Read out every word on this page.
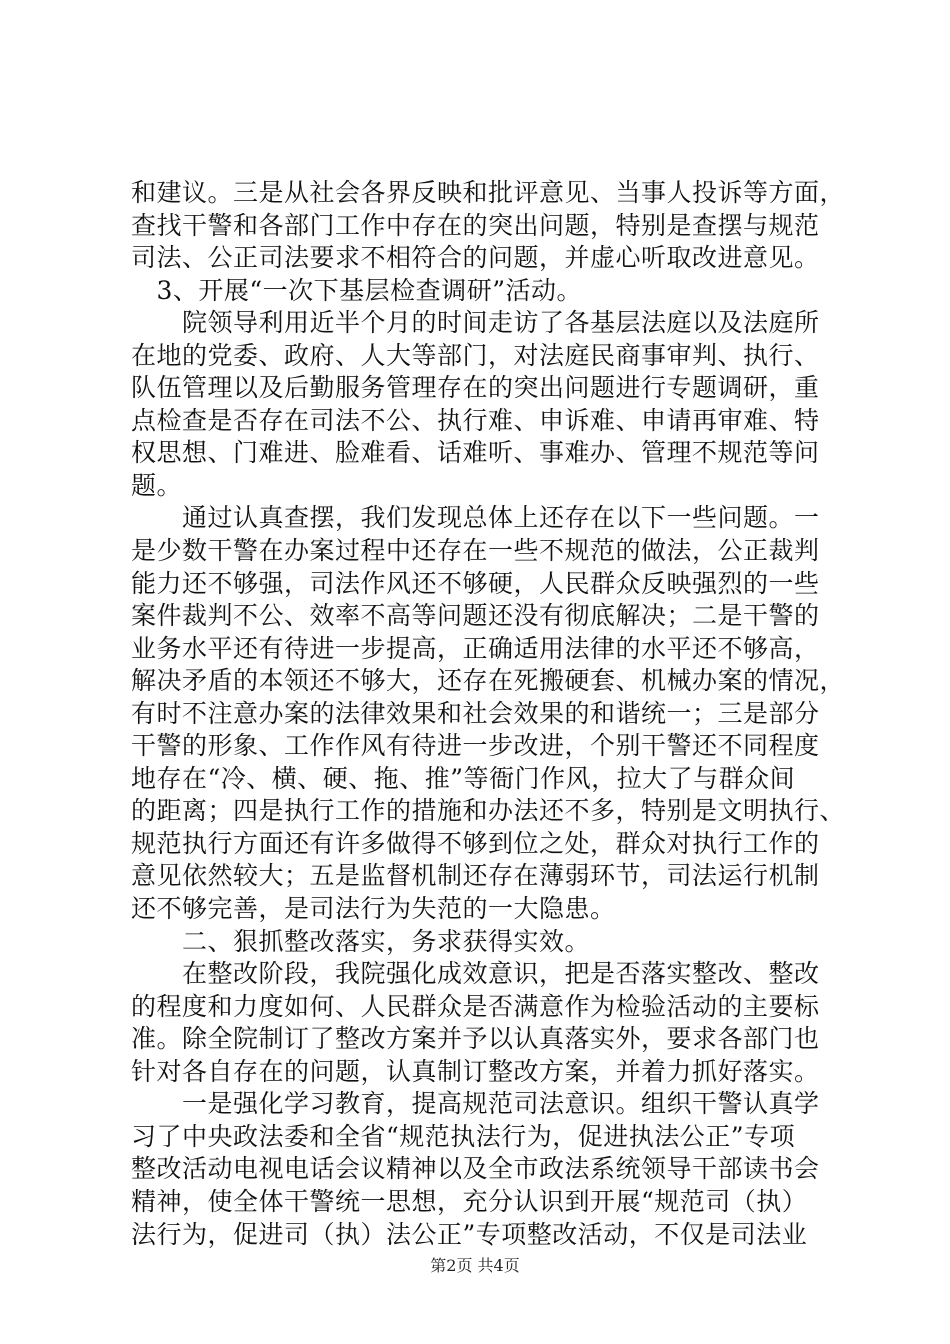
和建议。三是从社会各界反映和批评意见、当事人投诉等方面，
查找干警和各部门工作中存在的突出问题，特别是查摆与规范
司法、公正司法要求不相符合的问题，并虚心听取改进意见。
　3、开展“一次下基层检查调研”活动。
　　院领导利用近半个月的时间走访了各基层法庭以及法庭所
在地的党委、政府、人大等部门，对法庭民商事审判、执行、
队伍管理以及后勤服务管理存在的突出问题进行专题调研，重
点检查是否存在司法不公、执行难、申诉难、申请再审难、特
权思想、门难进、脸难看、话难听、事难办、管理不规范等问
题。
　　通过认真查摆，我们发现总体上还存在以下一些问题。一
是少数干警在办案过程中还存在一些不规范的做法，公正裁判
能力还不够强，司法作风还不够硬，人民群众反映强烈的一些
案件裁判不公、效率不高等问题还没有彻底解决；二是干警的
业务水平还有待进一步提高，正确适用法律的水平还不够高，
解决矛盾的本领还不够大，还存在死搬硬套、机械办案的情况，
有时不注意办案的法律效果和社会效果的和谐统一；三是部分
干警的形象、工作作风有待进一步改进，个别干警还不同程度
地存在“冷、横、硬、拖、推”等衙门作风，拉大了与群众间
的距离；四是执行工作的措施和办法还不多，特别是文明执行、
规范执行方面还有许多做得不够到位之处，群众对执行工作的
意见依然较大；五是监督机制还存在薄弱环节，司法运行机制
还不够完善，是司法行为失范的一大隐患。
　　二、狠抓整改落实，务求获得实效。
　　在整改阶段，我院强化成效意识，把是否落实整改、整改
的程度和力度如何、人民群众是否满意作为检验活动的主要标
准。除全院制订了整改方案并予以认真落实外，要求各部门也
针对各自存在的问题，认真制订整改方案，并着力抓好落实。
　　一是强化学习教育，提高规范司法意识。组织干警认真学
习了中央政法委和全省“规范执法行为，促进执法公正”专项
整改活动电视电话会议精神以及全市政法系统领导干部读书会
精神，使全体干警统一思想，充分认识到开展“规范司（执）
法行为，促进司（执）法公正”专项整改活动，不仅是司法业
第2页 共4页
